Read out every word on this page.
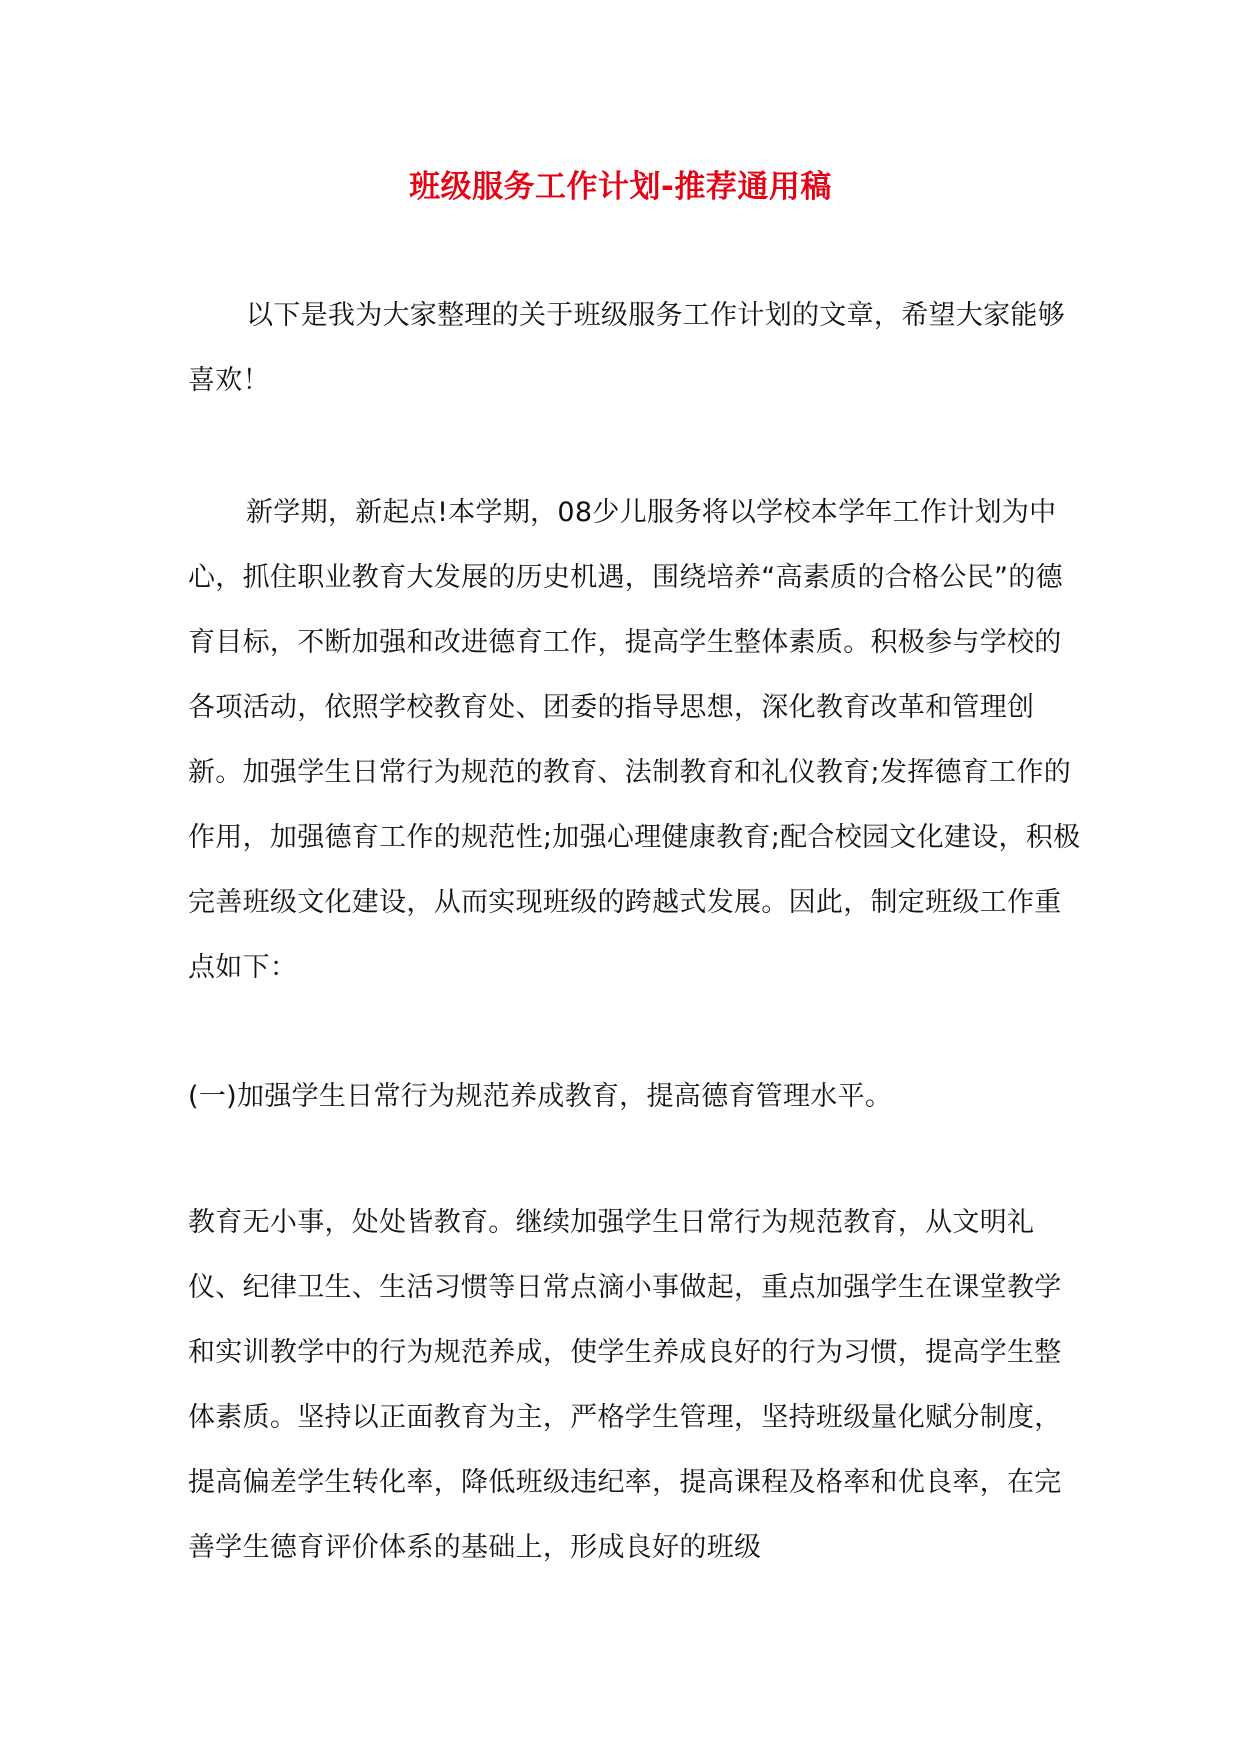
班级服务工作计划-推荐通用稿

以下是我为大家整理的关于班级服务工作计划的文章，希望大家能够喜欢！

新学期，新起点!本学期，08少儿服务将以学校本学年工作计划为中心，抓住职业教育大发展的历史机遇，围绕培养“高素质的合格公民”的德育目标，不断加强和改进德育工作，提高学生整体素质。积极参与学校的各项活动，依照学校教育处、团委的指导思想，深化教育改革和管理创新。加强学生日常行为规范的教育、法制教育和礼仪教育;发挥德育工作的作用，加强德育工作的规范性;加强心理健康教育;配合校园文化建设，积极完善班级文化建设，从而实现班级的跨越式发展。因此，制定班级工作重点如下：

(一)加强学生日常行为规范养成教育，提高德育管理水平。

教育无小事，处处皆教育。继续加强学生日常行为规范教育，从文明礼仪、纪律卫生、生活习惯等日常点滴小事做起，重点加强学生在课堂教学和实训教学中的行为规范养成，使学生养成良好的行为习惯，提高学生整体素质。坚持以正面教育为主，严格学生管理，坚持班级量化赋分制度，提高偏差学生转化率，降低班级违纪率，提高课程及格率和优良率，在完善学生德育评价体系的基础上，形成良好的班级
